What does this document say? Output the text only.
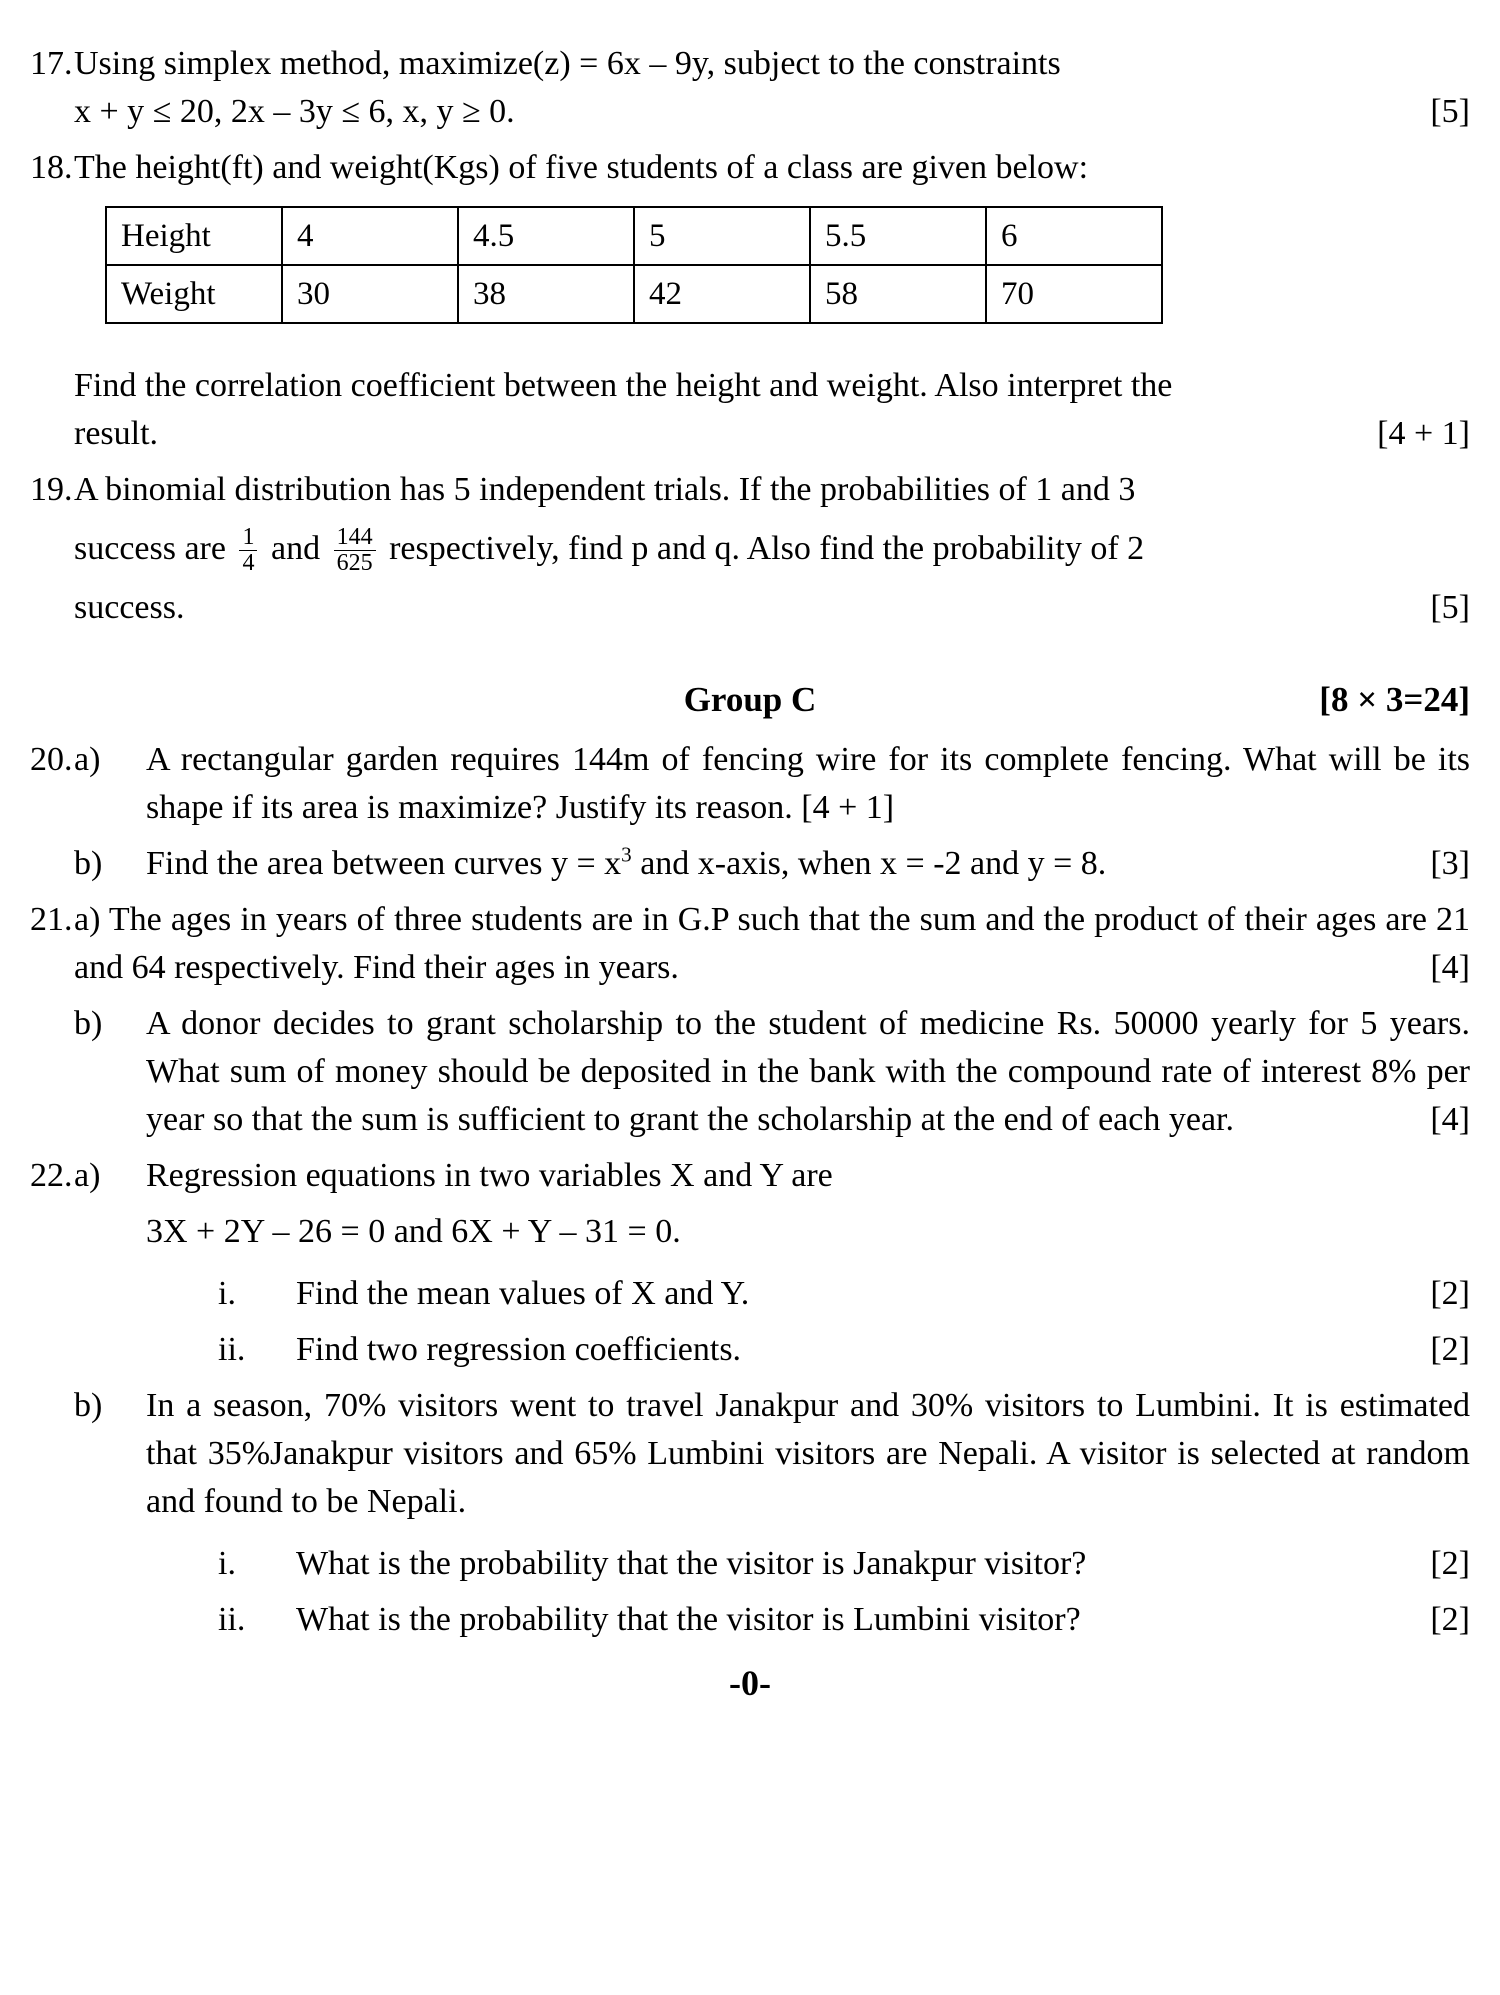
17. Using simplex method, maximize(z) = 6x – 9y, subject to the constraints
x + y ≤ 20, 2x – 3y ≤ 6, x, y ≥ 0.	[5]
18. The height(ft) and weight(Kgs) of five students of a class are given below:
Height	4	4.5	5	5.5	6
Weight	30	38	42	58	70
Find the correlation coefficient between the height and weight. Also interpret the
result.	[4 + 1]
19. A binomial distribution has 5 independent trials. If the probabilities of 1 and 3
success are $\frac{1}{4}$ and $\frac{144}{625}$ respectively, find p and q. Also find the probability of 2
success.	[5]
Group C	[8 × 3=24]
20. a)	A rectangular garden requires 144m of fencing wire for its complete fencing. What will be its shape if its area is maximize? Justify its reason. [4 + 1]
b)	Find the area between curves $y = x^3$ and x-axis, when x = -2 and y = 8.	[3]
21. a) The ages in years of three students are in G.P such that the sum and the product of their ages are 21 and 64 respectively. Find their ages in years.	[4]
b)	A donor decides to grant scholarship to the student of medicine Rs. 50000 yearly for 5 years. What sum of money should be deposited in the bank with the compound rate of interest 8% per year so that the sum is sufficient to grant the scholarship at the end of each year.	[4]
22. a)	Regression equations in two variables X and Y are
3X + 2Y – 26 = 0 and 6X + Y – 31 = 0.
i.	Find the mean values of X and Y.	[2]
ii.	Find two regression coefficients.	[2]
b)	In a season, 70% visitors went to travel Janakpur and 30% visitors to Lumbini. It is estimated that 35%Janakpur visitors and 65% Lumbini visitors are Nepali. A visitor is selected at random and found to be Nepali.
i.	What is the probability that the visitor is Janakpur visitor?	[2]
ii.	What is the probability that the visitor is Lumbini visitor?	[2]
-0-
